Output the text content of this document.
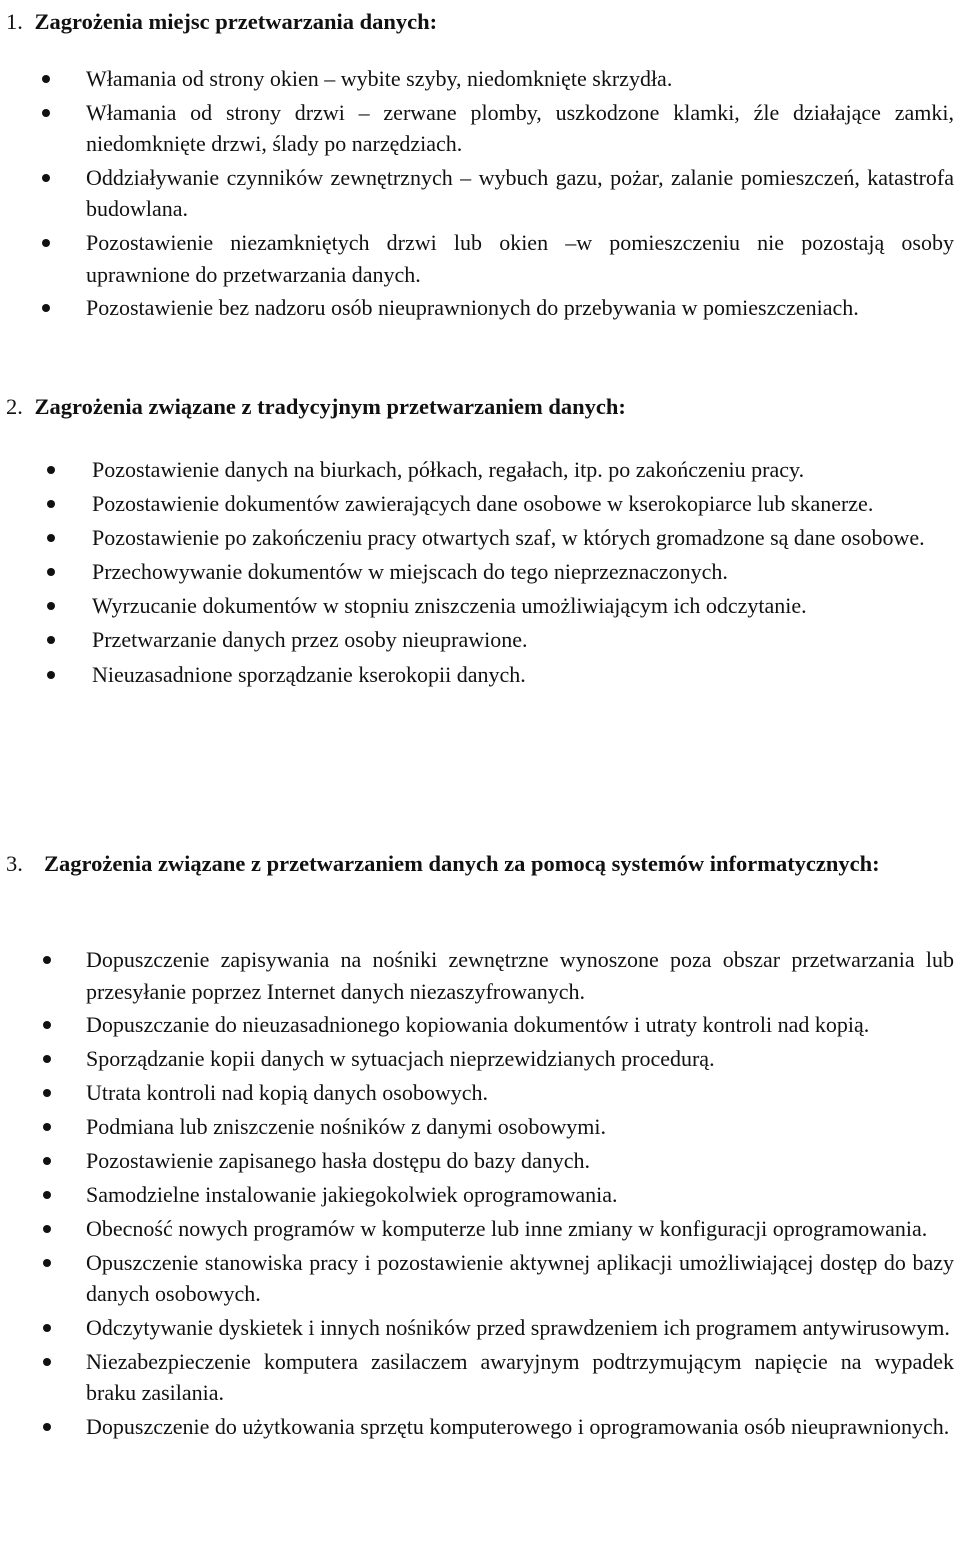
1. Zagrożenia miejsc przetwarzania danych:
Włamania od strony okien – wybite szyby, niedomknięte skrzydła.
Włamania od strony drzwi – zerwane plomby, uszkodzone klamki, źle działające zamki, niedomknięte drzwi, ślady po narzędziach.
Oddziaływanie czynników zewnętrznych – wybuch gazu, pożar, zalanie pomieszczeń, katastrofa budowlana.
Pozostawienie niezamkniętych drzwi lub okien –w pomieszczeniu nie pozostają osoby uprawnione do przetwarzania danych.
Pozostawienie bez nadzoru osób nieuprawnionych do przebywania w pomieszczeniach.
2. Zagrożenia związane z tradycyjnym przetwarzaniem danych:
Pozostawienie danych na biurkach, półkach, regałach, itp. po zakończeniu pracy.
Pozostawienie dokumentów zawierających dane osobowe w kserokopiarce lub skanerze.
Pozostawienie po zakończeniu pracy otwartych szaf, w których gromadzone są dane osobowe.
Przechowywanie dokumentów w miejscach do tego nieprzeznaczonych.
Wyrzucanie dokumentów w stopniu zniszczenia umożliwiającym ich odczytanie.
Przetwarzanie danych przez osoby nieuprawione.
Nieuzasadnione sporządzanie kserokopii danych.
3. Zagrożenia związane z przetwarzaniem danych za pomocą systemów informatycznych:
Dopuszczenie zapisywania na nośniki zewnętrzne wynoszone poza obszar przetwarzania lub przesyłanie poprzez Internet danych niezaszyfrowanych.
Dopuszczanie do nieuzasadnionego kopiowania dokumentów i utraty kontroli nad kopią.
Sporządzanie kopii danych w sytuacjach nieprzewidzianych procedurą.
Utrata kontroli nad kopią danych osobowych.
Podmiana lub zniszczenie nośników z danymi osobowymi.
Pozostawienie zapisanego hasła dostępu do bazy danych.
Samodzielne instalowanie jakiegokolwiek oprogramowania.
Obecność nowych programów w komputerze lub inne zmiany w konfiguracji oprogramowania.
Opuszczenie stanowiska pracy i pozostawienie aktywnej aplikacji umożliwiającej dostęp do bazy danych osobowych.
Odczytywanie dyskietek i innych nośników przed sprawdzeniem ich programem antywirusowym.
Niezabezpieczenie komputera zasilaczem awaryjnym podtrzymującym napięcie na wypadek braku zasilania.
Dopuszczenie do użytkowania sprzętu komputerowego i oprogramowania osób nieuprawnionych.
